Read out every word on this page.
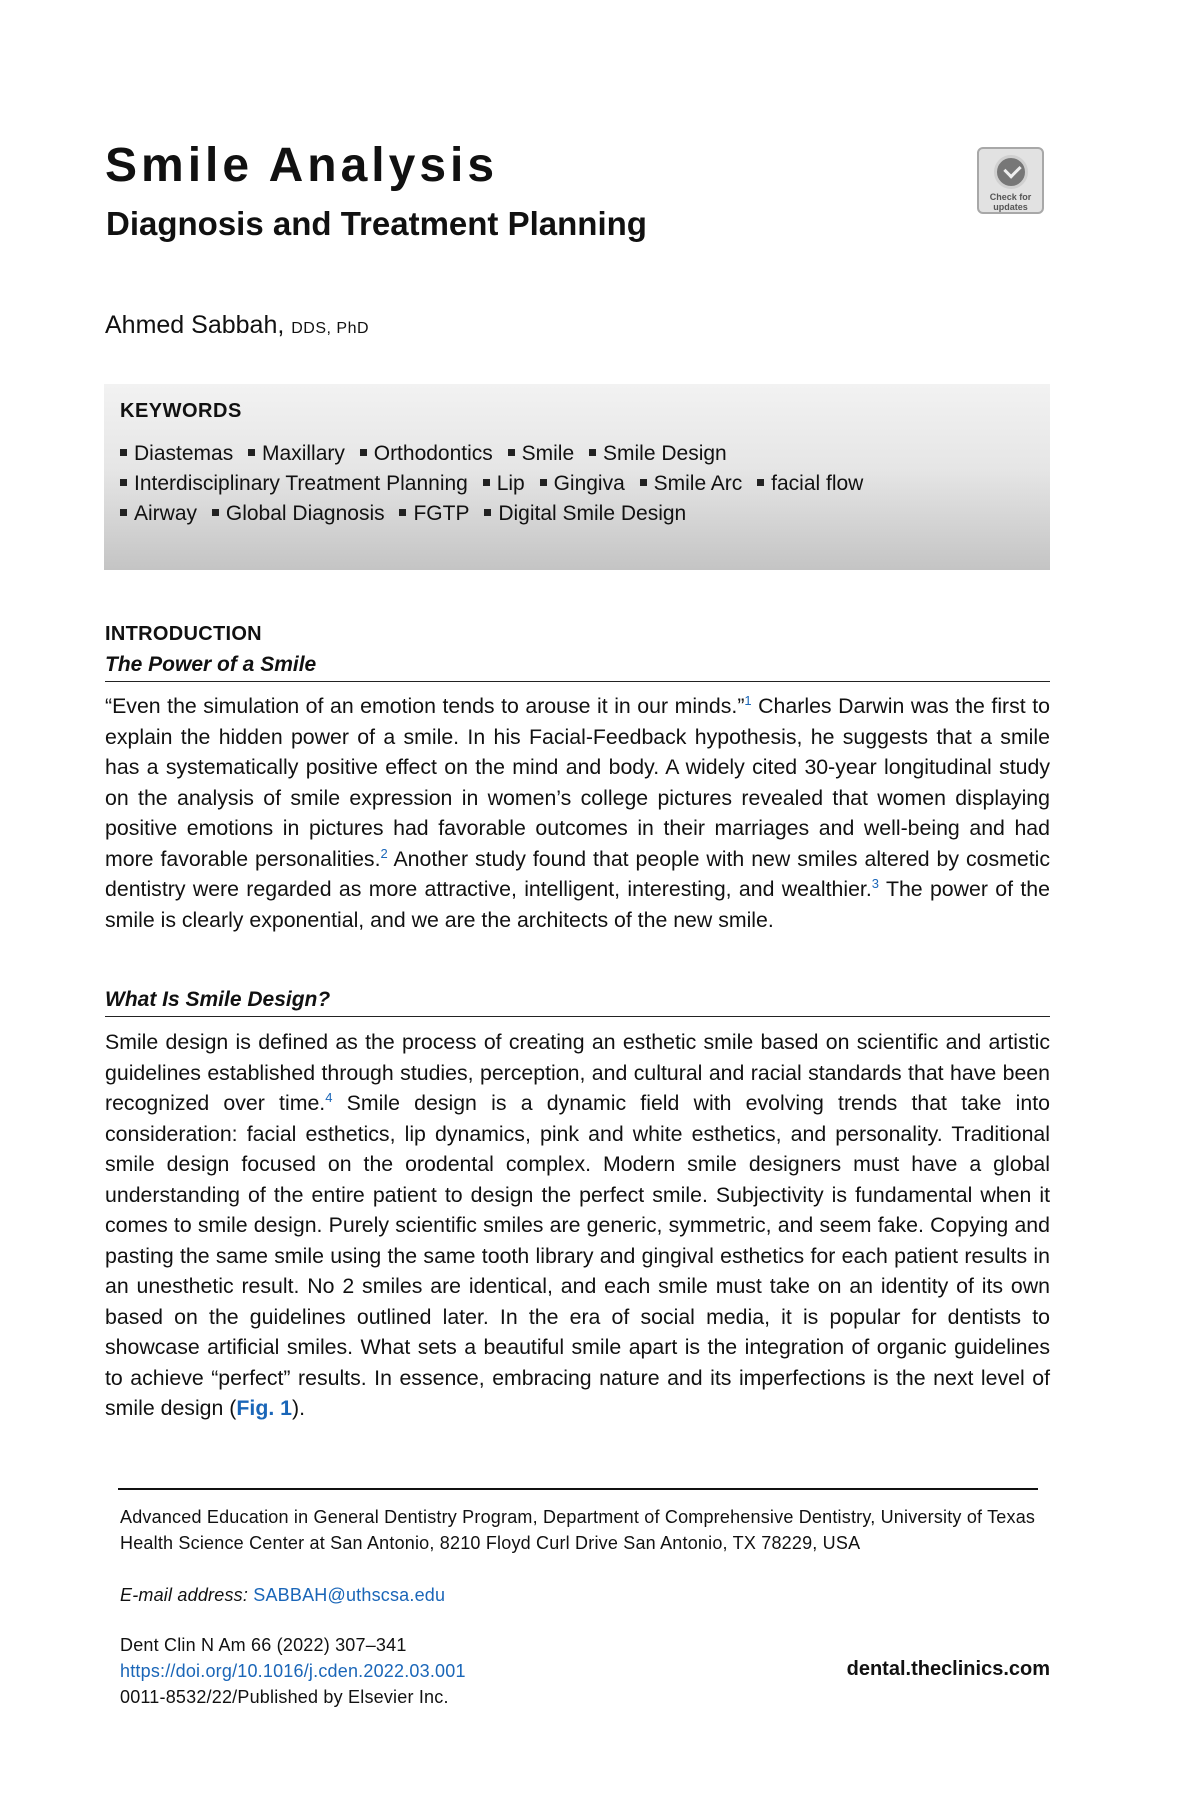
Smile Analysis
Diagnosis and Treatment Planning
Check for updates

Ahmed Sabbah, DDS, PhD

KEYWORDS

Diastemas Maxillary Orthodontics Smile Smile Design

Interdisciplinary Treatment Planning Lip Gingiva Smile Arc facial flow

Airway Global Diagnosis FGTP Digital Smile Design

INTRODUCTION

The Power of a Smile

“Even the simulation of an emotion tends to arouse it in our minds.”$^1$ Charles Darwin was the first to explain the hidden power of a smile. In his Facial-Feedback hypothesis, he suggests that a smile has a systematically positive effect on the mind and body. A widely cited 30-year longitudinal study on the analysis of smile expression in women’s college pictures revealed that women displaying positive emotions in pictures had favorable outcomes in their marriages and well-being and had more favorable personalities.$^2$ Another study found that people with new smiles altered by cosmetic dentistry were regarded as more attractive, intelligent, interesting, and wealthier.$^3$ The power of the smile is clearly exponential, and we are the architects of the new smile.

What Is Smile Design?

Smile design is defined as the process of creating an esthetic smile based on scientific and artistic guidelines established through studies, perception, and cultural and racial standards that have been recognized over time.$^4$ Smile design is a dynamic field with evolving trends that take into consideration: facial esthetics, lip dynamics, pink and white esthetics, and personality. Traditional smile design focused on the orodental complex. Modern smile designers must have a global understanding of the entire patient to design the perfect smile. Subjectivity is fundamental when it comes to smile design. Purely scientific smiles are generic, symmetric, and seem fake. Copying and pasting the same smile using the same tooth library and gingival esthetics for each patient results in an unesthetic result. No 2 smiles are identical, and each smile must take on an identity of its own based on the guidelines outlined later. In the era of social media, it is popular for dentists to showcase artificial smiles. What sets a beautiful smile apart is the integration of organic guidelines to achieve “perfect” results. In essence, embracing nature and its imperfections is the next level of smile design (Fig. 1).

Advanced Education in General Dentistry Program, Department of Comprehensive Dentistry, University of Texas Health Science Center at San Antonio, 8210 Floyd Curl Drive San Antonio, TX 78229, USA

E-mail address: SABBAH@uthscsa.edu

Dent Clin N Am 66 (2022) 307–341

https://doi.org/10.1016/j.cden.2022.03.001

0011-8532/22/Published by Elsevier Inc.

dental.theclinics.com
